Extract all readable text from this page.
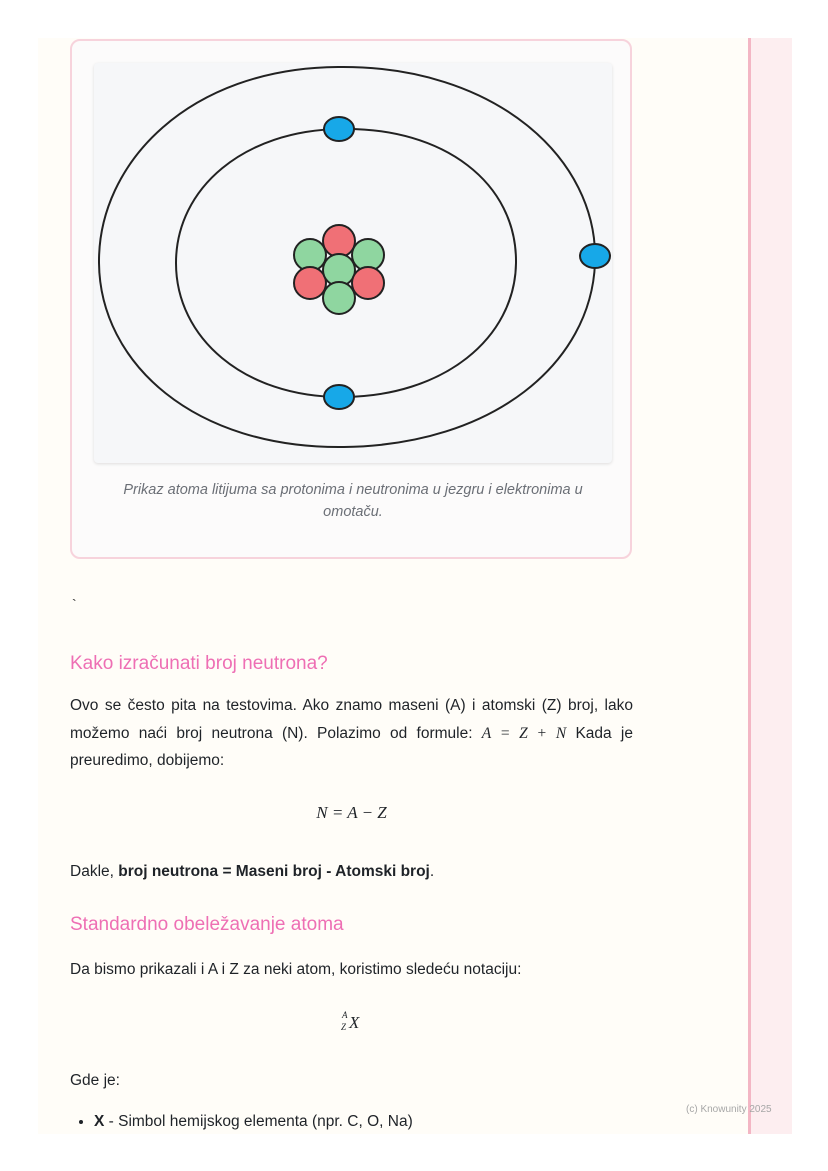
Prikaz atoma litijuma sa protonima i neutronima u jezgru i elektronima u omotaču.
`
Kako izračunati broj neutrona?

Ovo se često pita na testovima. Ako znamo maseni (A) i atomski (Z) broj, lako možemo naći broj neutrona (N). Polazimo od formule: A = Z + N Kada je preuredimo, dobijemo:

N = A − Z

Dakle, broj neutrona = Maseni broj - Atomski broj.

Standardno obeležavanje atoma

Da bismo prikazali i A i Z za neki atom, koristimo sledeću notaciju:

A
Z X

Gde je:

• X - Simbol hemijskog elementa (npr. C, O, Na)
(c) Knowunity 2025
